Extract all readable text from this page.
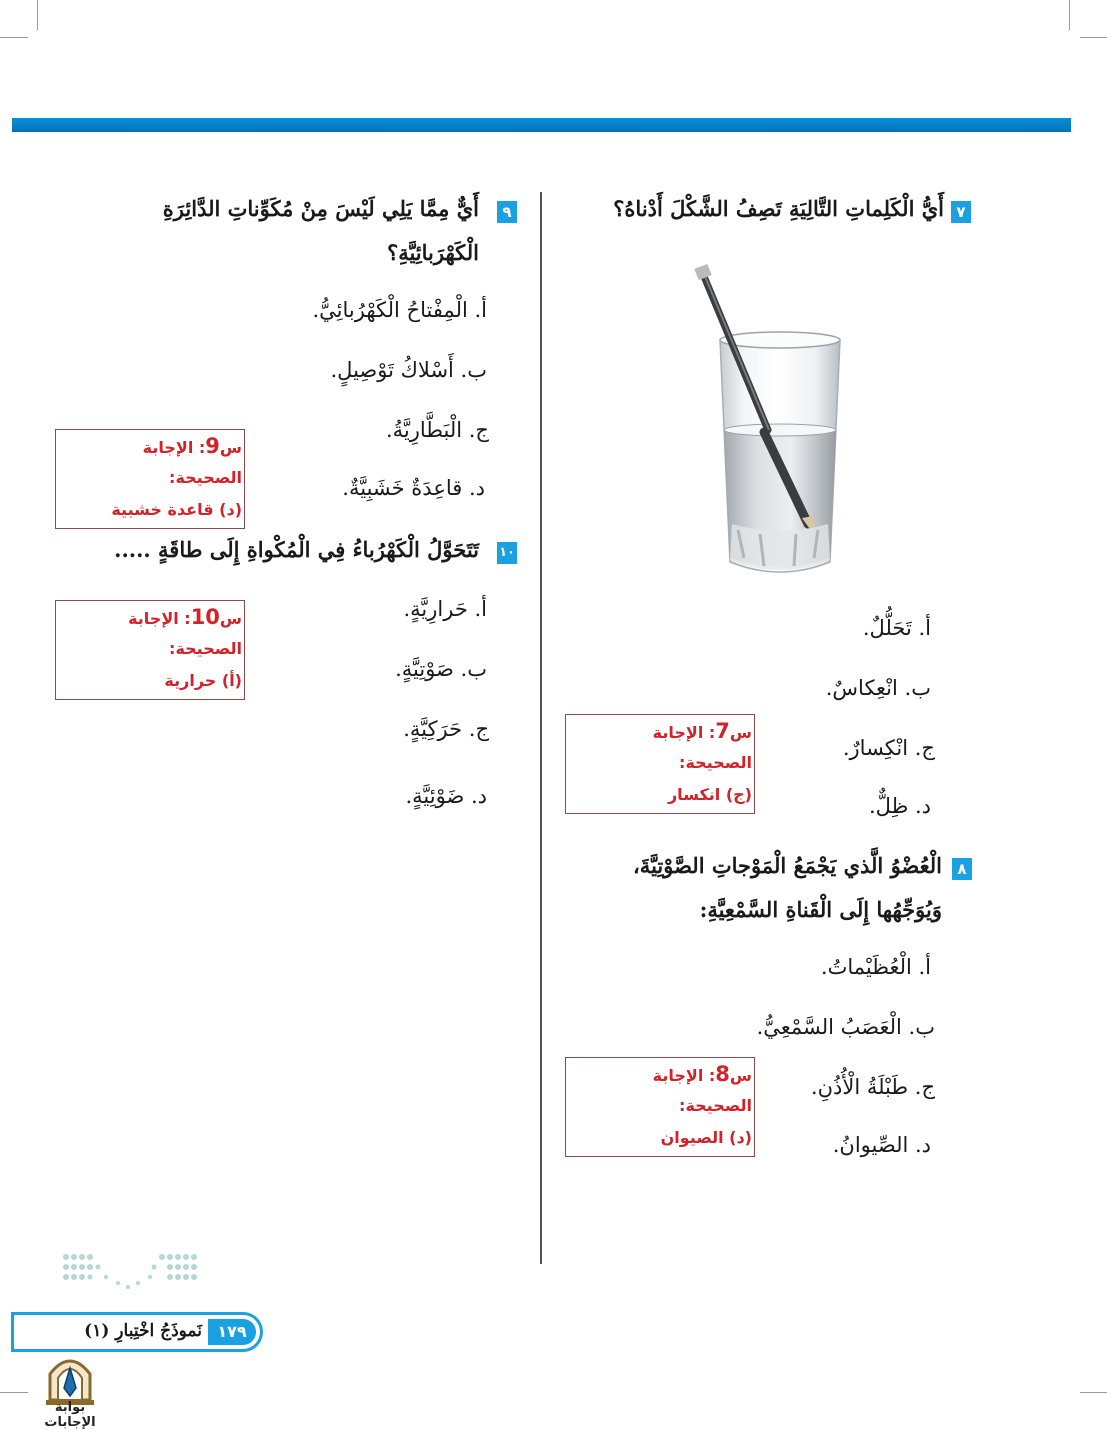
٧
أَيُّ الْكَلِماتِ التَّالِيَةِ تَصِفُ الشَّكْلَ أَدْناهُ؟
أ. تَحَلُّلٌ.
ب. انْعِكاسٌ.
ج. انْكِسارٌ.
د. ظِلٌّ.
س7: الإجابة
الصحيحة:
(ج) انكسار
٨
الْعُضْوُ الَّذي يَجْمَعُ الْمَوْجاتِ الصَّوْتِيَّةَ،
وَيُوَجِّهُها إِلَى الْقَناةِ السَّمْعِيَّةِ:
أ. الْعُظَيْماتُ.
ب. الْعَصَبُ السَّمْعِيُّ.
ج. طَبْلَةُ الْأُذُنِ.
د. الصِّيوانُ.
س8: الإجابة
الصحيحة:
(د) الصيوان
٩
أَيٌّ مِمَّا يَلِي لَيْسَ مِنْ مُكَوِّناتِ الدَّائِرَةِ
الْكَهْرَبائِيَّةِ؟
أ. الْمِفْتاحُ الْكَهْرُبائِيُّ.
ب. أَسْلاكُ تَوْصِيلٍ.
ج. الْبَطَّارِيَّةُ.
د. قاعِدَةٌ خَشَبِيَّةٌ.
س9: الإجابة
الصحيحة:
(د) قاعدة خشبية
١٠
تَتَحَوَّلُ الْكَهْرُباءُ فِي الْمُكْواةِ إِلَى طاقَةٍ .....
أ. حَرارِيَّةٍ.
ب. صَوْتِيَّةٍ.
ج. حَرَكِيَّةٍ.
د. ضَوْئِيَّةٍ.
س10: الإجابة
الصحيحة:
(أ) حرارية
١٧٩
نَموذَجُ اخْتِبارِ (١)
بوابة الإجابات
